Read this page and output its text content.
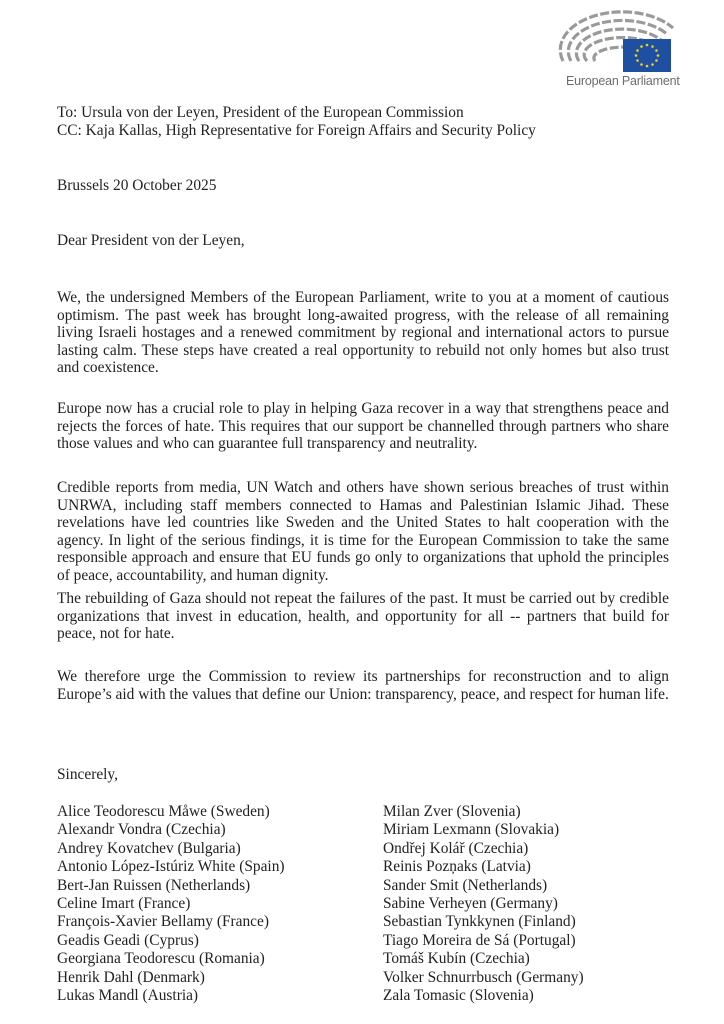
European Parliament
To: Ursula von der Leyen, President of the European Commission
CC: Kaja Kallas, High Representative for Foreign Affairs and Security Policy
Brussels 20 October 2025
Dear President von der Leyen,
We, the undersigned Members of the European Parliament, write to you at a moment of cautious optimism. The past week has brought long-awaited progress, with the release of all remaining living Israeli hostages and a renewed commitment by regional and international actors to pursue lasting calm. These steps have created a real opportunity to rebuild not only homes but also trust and coexistence.
Europe now has a crucial role to play in helping Gaza recover in a way that strengthens peace and rejects the forces of hate. This requires that our support be channelled through partners who share those values and who can guarantee full transparency and neutrality.
Credible reports from media, UN Watch and others have shown serious breaches of trust within UNRWA, including staff members connected to Hamas and Palestinian Islamic Jihad. These revelations have led countries like Sweden and the United States to halt cooperation with the agency. In light of the serious findings, it is time for the European Commission to take the same responsible approach and ensure that EU funds go only to organizations that uphold the principles of peace, accountability, and human dignity.
The rebuilding of Gaza should not repeat the failures of the past. It must be carried out by credible organizations that invest in education, health, and opportunity for all -- partners that build for peace, not for hate.
We therefore urge the Commission to review its partnerships for reconstruction and to align Europe’s aid with the values that define our Union: transparency, peace, and respect for human life.
Sincerely,
Alice Teodorescu Måwe (Sweden)
Alexandr Vondra (Czechia)
Andrey Kovatchev (Bulgaria)
Antonio López-Istúriz White (Spain)
Bert-Jan Ruissen (Netherlands)
Celine Imart (France)
François-Xavier Bellamy (France)
Geadis Geadi (Cyprus)
Georgiana Teodorescu (Romania)
Henrik Dahl (Denmark)
Lukas Mandl (Austria)
Milan Zver (Slovenia)
Miriam Lexmann (Slovakia)
Ondřej Kolář (Czechia)
Reinis Pozņaks (Latvia)
Sander Smit (Netherlands)
Sabine Verheyen (Germany)
Sebastian Tynkkynen (Finland)
Tiago Moreira de Sá (Portugal)
Tomáš Kubín (Czechia)
Volker Schnurrbusch (Germany)
Zala Tomasic (Slovenia)
